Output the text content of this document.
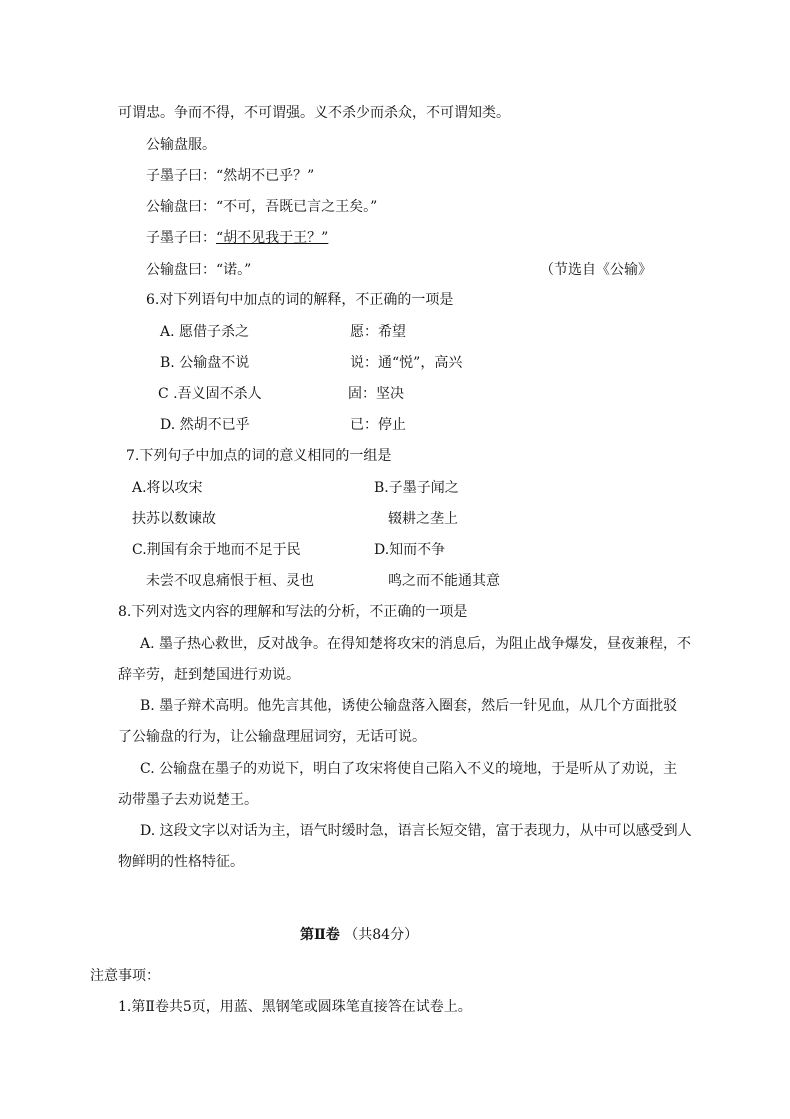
可谓忠。争而不得，不可谓强。义不杀少而杀众，不可谓知类。
公输盘服。
子墨子曰：“然胡不已乎？”
公输盘曰：“不可，吾既已言之王矣。”
子墨子曰：“胡不见我于王？”
公输盘曰：“诺。”	（节选自《公输》
6.对下列语句中加点的词的解释，不正确的一项是
A. 愿借子杀之	愿：希望
B. 公输盘不说	说：通“悦”，高兴
C .吾义固不杀人	固：坚决
D. 然胡不已乎	已：停止
7.下列句子中加点的词的意义相同的一组是
A.将以攻宋	B.子墨子闻之
扶苏以数谏故	辍耕之垄上
C.荆国有余于地而不足于民	D.知而不争
未尝不叹息痛恨于桓、灵也	鸣之而不能通其意
8.下列对选文内容的理解和写法的分析，不正确的一项是
A. 墨子热心救世，反对战争。在得知楚将攻宋的消息后，为阻止战争爆发，昼夜兼程，不
辞辛劳，赶到楚国进行劝说。
B. 墨子辩术高明。他先言其他，诱使公输盘落入圈套，然后一针见血，从几个方面批驳
了公输盘的行为，让公输盘理屈词穷，无话可说。
C. 公输盘在墨子的劝说下，明白了攻宋将使自己陷入不义的境地，于是听从了劝说，主
动带墨子去劝说楚王。
D. 这段文字以对话为主，语气时缓时急，语言长短交错，富于表现力，从中可以感受到人
物鲜明的性格特征。
第Ⅱ卷 （共84分）
注意事项：
1.第Ⅱ卷共5页，用蓝、黑钢笔或圆珠笔直接答在试卷上。
